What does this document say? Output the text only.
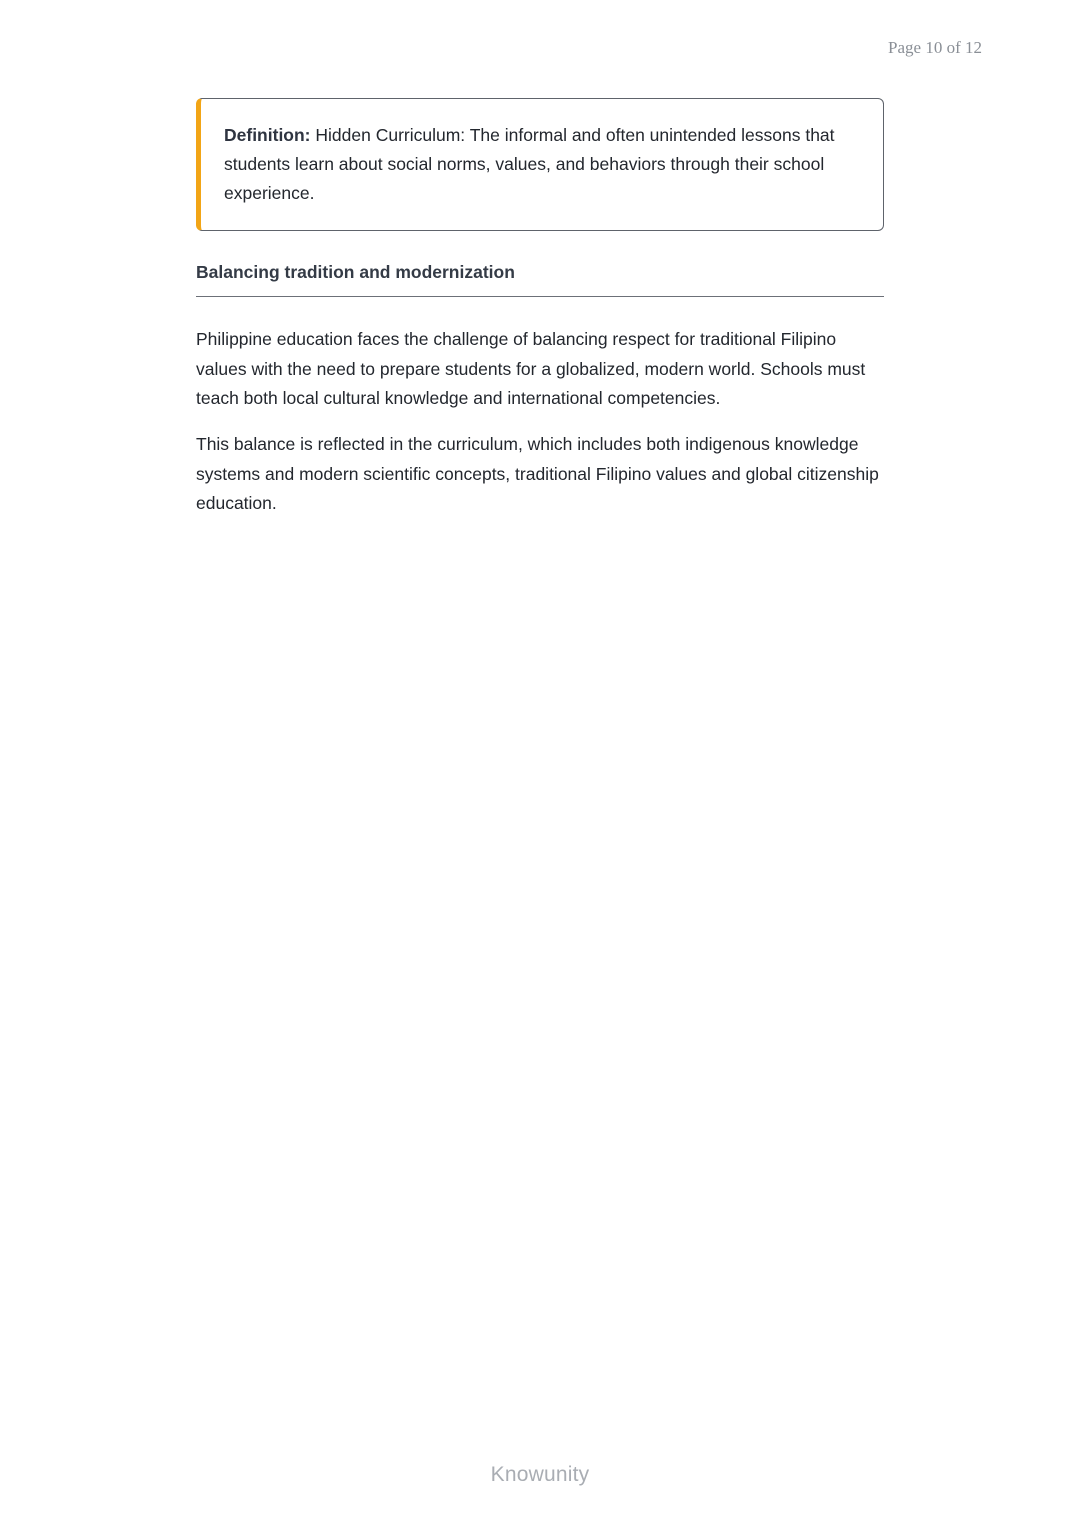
Page 10 of 12

Definition: Hidden Curriculum: The informal and often unintended lessons that students learn about social norms, values, and behaviors through their school experience.

Balancing tradition and modernization

Philippine education faces the challenge of balancing respect for traditional Filipino values with the need to prepare students for a globalized, modern world. Schools must teach both local cultural knowledge and international competencies.

This balance is reflected in the curriculum, which includes both indigenous knowledge systems and modern scientific concepts, traditional Filipino values and global citizenship education.

Knowunity
